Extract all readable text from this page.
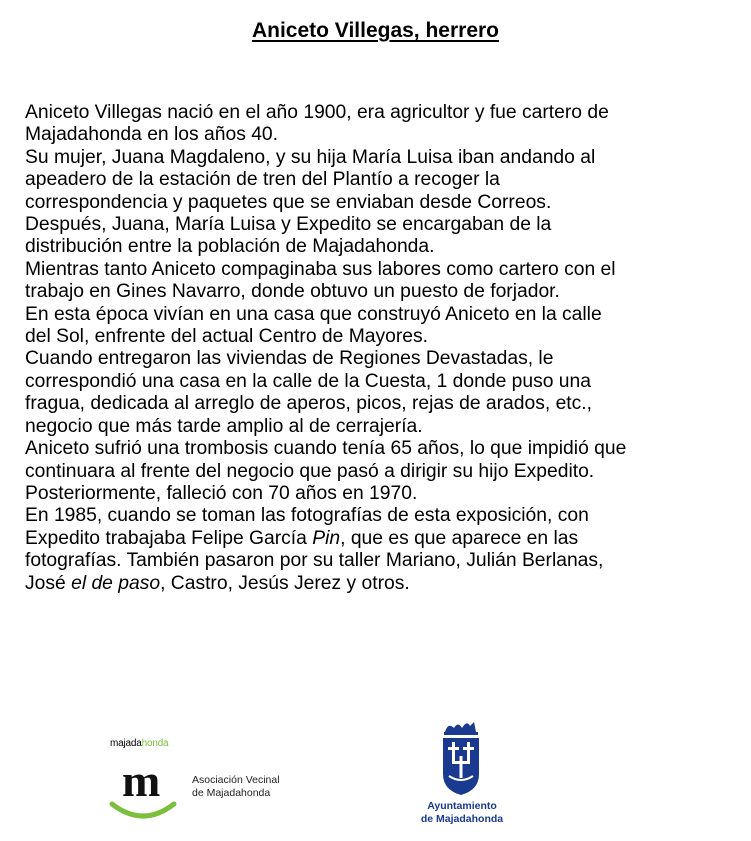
Aniceto Villegas, herrero
Aniceto Villegas nació en el año 1900, era agricultor y fue cartero de
Majadahonda en los años 40.
Su mujer, Juana Magdaleno, y su hija María Luisa iban andando al
apeadero de la estación de tren del Plantío a recoger la
correspondencia y paquetes que se enviaban desde Correos.
Después, Juana, María Luisa y Expedito se encargaban de la
distribución entre la población de Majadahonda.
Mientras tanto Aniceto compaginaba sus labores como cartero con el
trabajo en Gines Navarro, donde obtuvo un puesto de forjador.
En esta época vivían en una casa que construyó Aniceto en la calle
del Sol, enfrente del actual Centro de Mayores.
Cuando entregaron las viviendas de Regiones Devastadas, le
correspondió una casa en la calle de la Cuesta, 1 donde puso una
fragua, dedicada al arreglo de aperos, picos, rejas de arados, etc.,
negocio que más tarde amplio al de cerrajería.
Aniceto sufrió una trombosis cuando tenía 65 años, lo que impidió que
continuara al frente del negocio que pasó a dirigir su hijo Expedito.
Posteriormente, falleció con 70 años en 1970.
En 1985, cuando se toman las fotografías de esta exposición, con
Expedito trabajaba Felipe García Pin, que es que aparece en las
fotografías. También pasaron por su taller Mariano, Julián Berlanas,
José el de paso, Castro, Jesús Jerez y otros.
majadahonda
m	Asociación Vecinal
de Majadahonda
Ayuntamiento
de Majadahonda
